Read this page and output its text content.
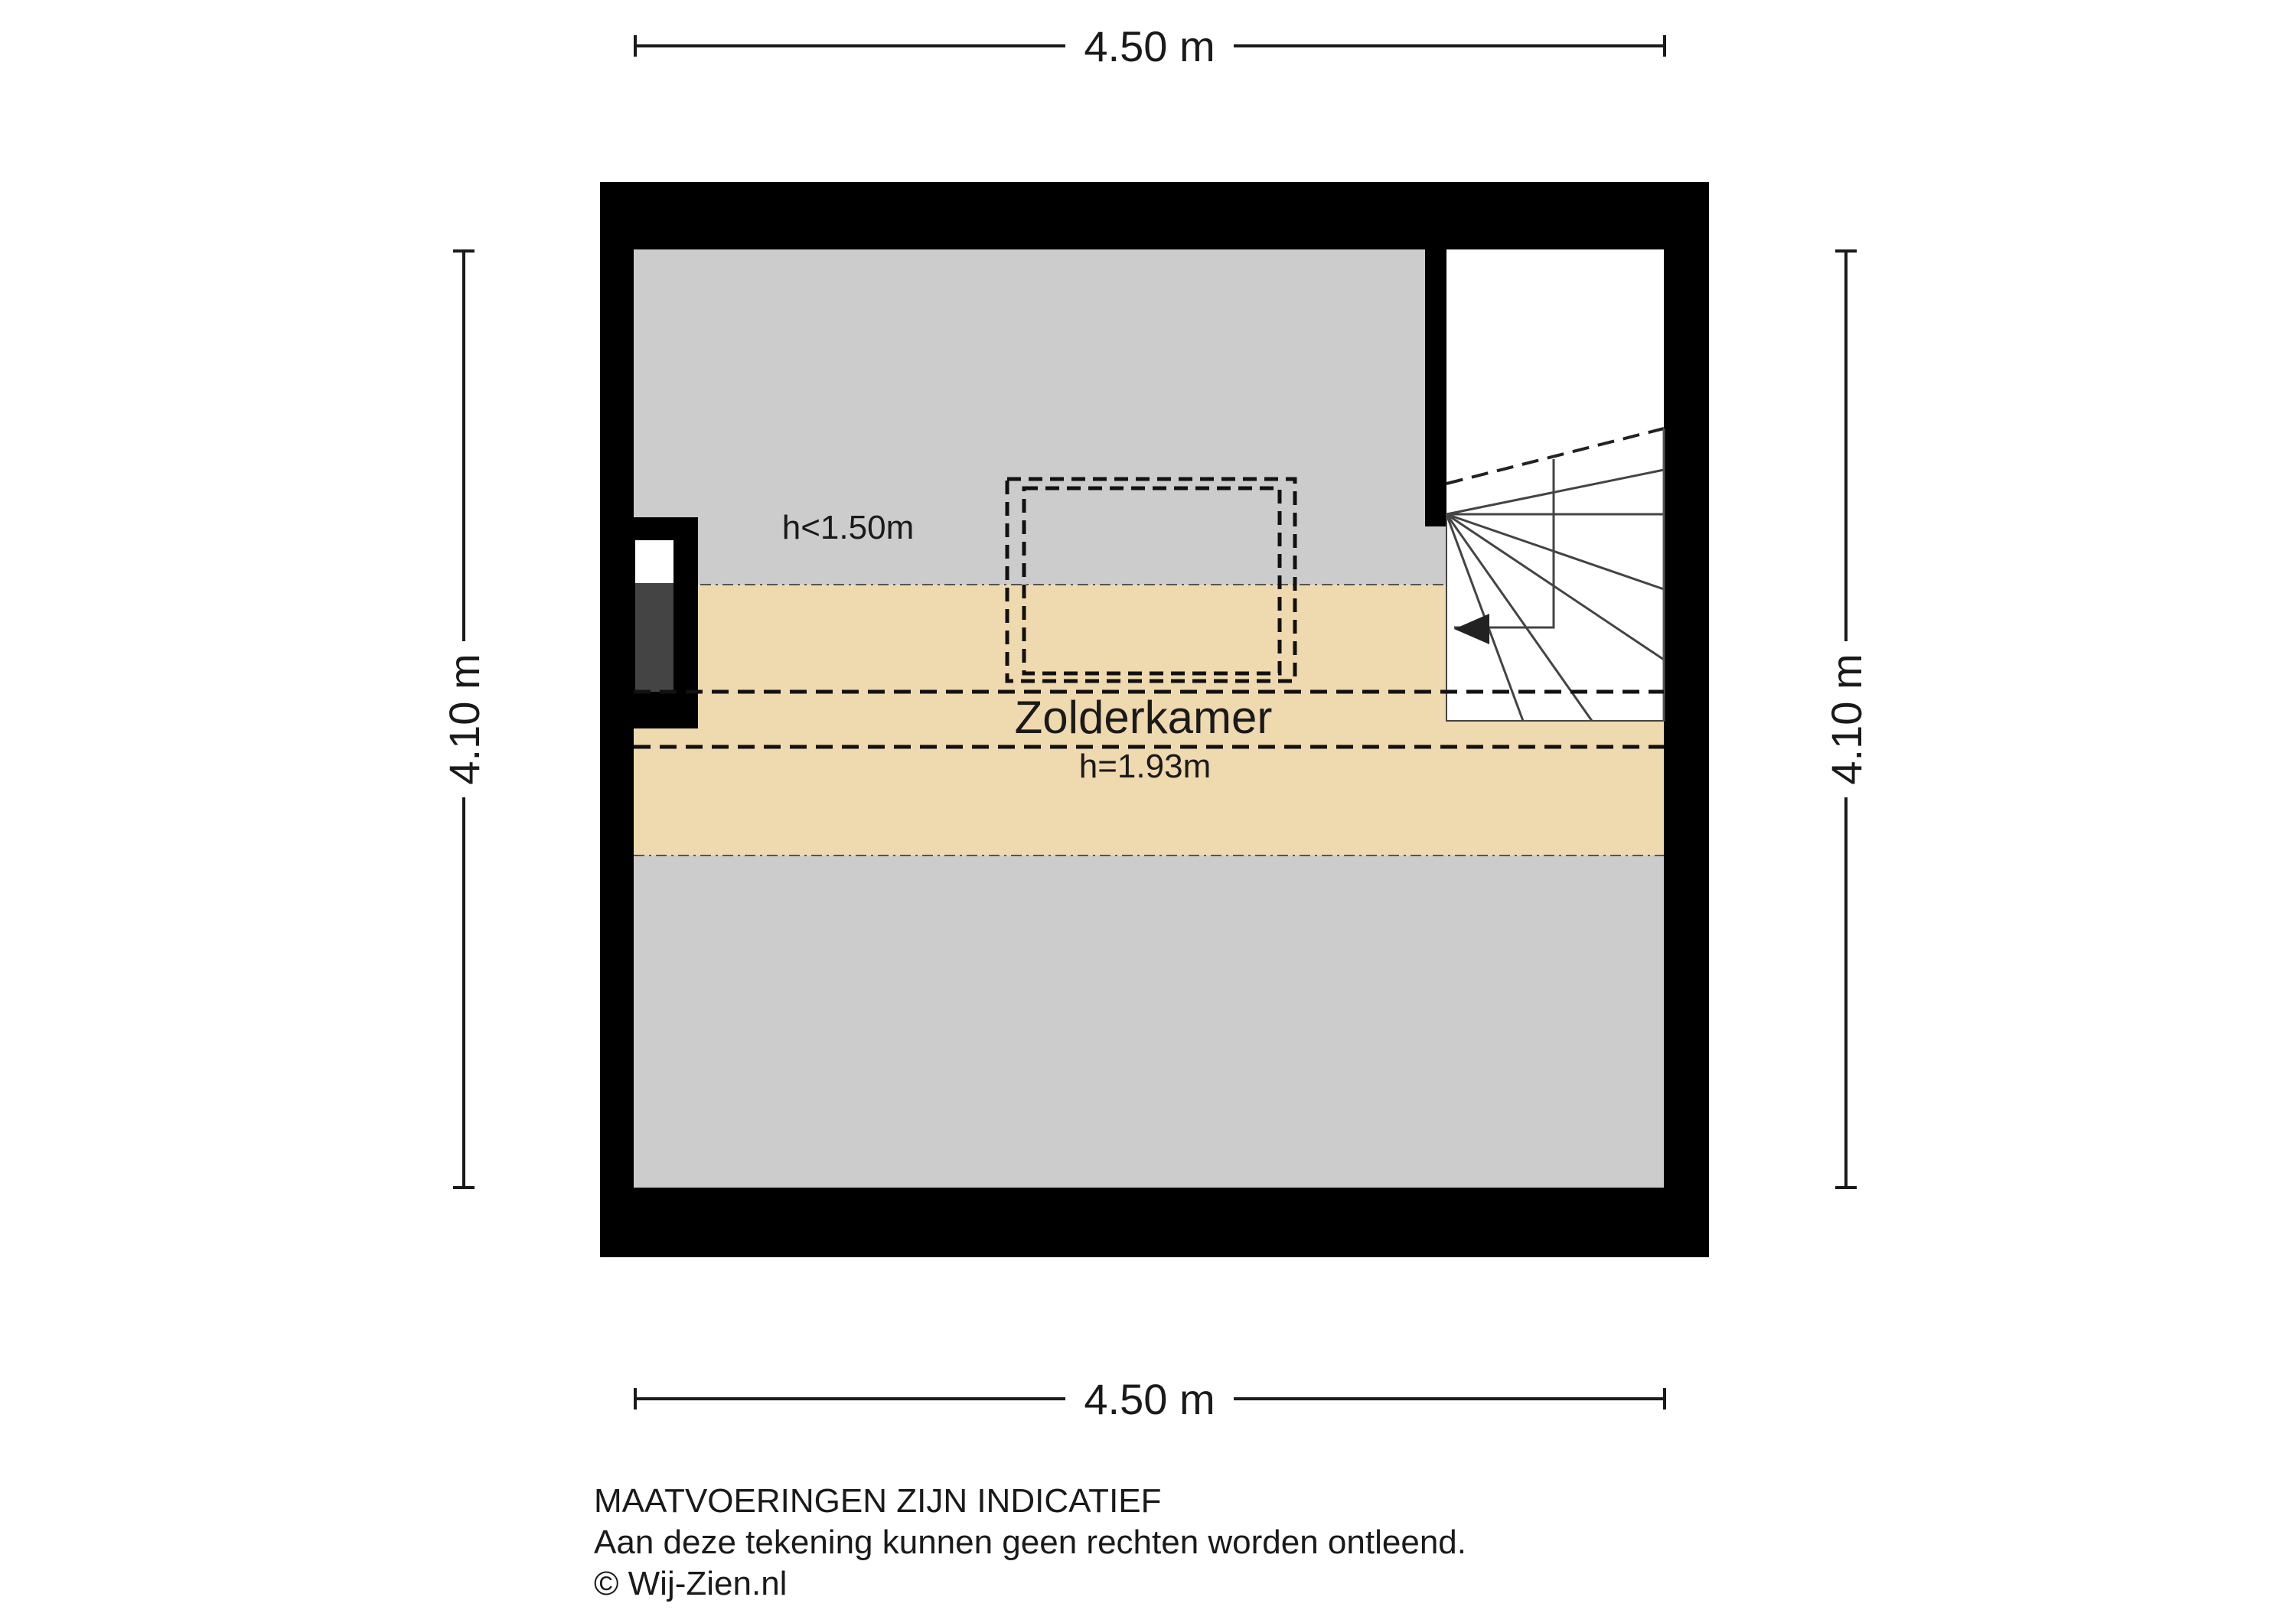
4.50 m
4.50 m
4.10 m	4.10 m
Zolderkamer
h=1.93m
h<1.50m
MAATVOERINGEN ZIJN INDICATIEF
Aan deze tekening kunnen geen rechten worden ontleend.
© Wij-Zien.nl
